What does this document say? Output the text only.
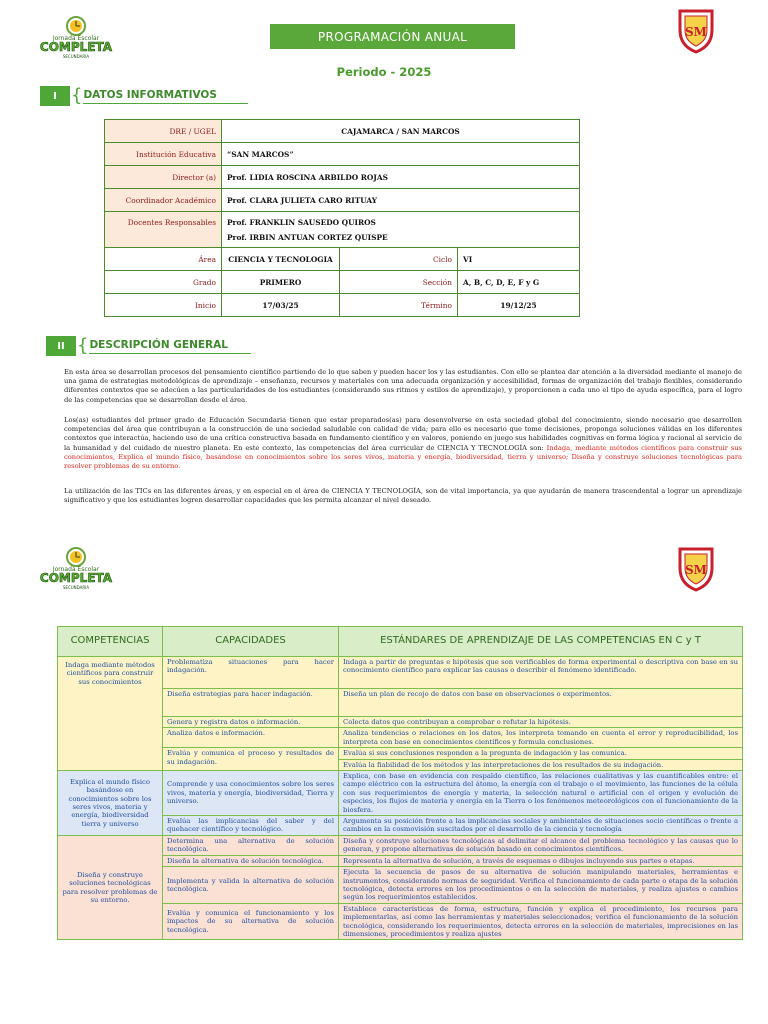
Jornada Escolar
COMPLETA
SECUNDARIA
PROGRAMACIÓN ANUAL	SM
Periodo - 2025
I { DATOS INFORMATIVOS
DRE / UGEL	CAJAMARCA / SAN MARCOS		
Institución Educativa	“SAN MARCOS”		
Director (a)	Prof. LIDIA ROSCINA ARBILDO ROJAS		
Coordinador Académico	Prof. CLARA JULIETA CARO RITUAY		
Docentes Responsables	Prof. FRANKLIN SAUSEDO QUIROS
Prof. IRBIN ANTUAN CORTEZ QUISPE		

Área	CIENCIA Y TECNOLOGIA	Ciclo	VI
Grado	PRIMERO	Sección	A, B, C, D, E, F y G
Inicio	17/03/25	Término	19/12/25
II { DESCRIPCIÓN GENERAL
En esta área se desarrollan procesos del pensamiento científico partiendo de lo que saben y pueden hacer los y las estudiantes. Con ello se plantea dar atención a la diversidad mediante el manejo de una gama de estrategias metodológicas de aprendizaje – enseñanza, recursos y materiales con una adecuada organización y accesibilidad, formas de organización del trabajo flexibles, considerando diferentes contextos que se adecúen a las particularidades de los estudiantes (considerando sus ritmos y estilos de aprendizaje), y proporcionen a cada uno el tipo de ayuda específica, para el logro de las competencias que se desarrollan desde el área.
Los(as) estudiantes del primer grado de Educación Secundaria tienen que estar preparados(as) para desenvolverse en esta sociedad global del conocimiento, siendo necesario que desarrollen competencias del área que contribuyan a la construcción de una sociedad saludable con calidad de vida; para ello es necesario que tome decisiones, proponga soluciones válidas en los diferentes contextos que interactúa, haciendo uso de una crítica constructiva basada en fundamento científico y en valores, poniendo en juego sus habilidades cognitivas en forma lógica y racional al servicio de la humanidad y del cuidado de nuestro planeta. En este contexto, las competencias del área curricular de CIENCIA Y TECNOLOGÍA son: Indaga, mediante métodos científicos para construir sus conocimientos, Explica el mundo físico, basándose en conocimientos sobre los seres vivos, materia y energía, biodiversidad, tierra y universo; Diseña y construye soluciones tecnológicas para resolver problemas de su entorno.
La utilización de las TICs en las diferentes áreas, y en especial en el área de CIENCIA Y TECNOLOGÍA, son de vital importancia, ya que ayudarán de manera trascendental a lograr un aprendizaje significativo y que los estudiantes logren desarrollar capacidades que les permita alcanzar el nivel deseado.
Jornada Escolar
COMPLETA
SECUNDARIA
SM
COMPETENCIAS	CAPACIDADES	ESTÁNDARES DE APRENDIZAJE DE LAS COMPETENCIAS EN C y T
Indaga mediante métodos científicos para construir sus conocimientos	Problematiza situaciones para hacer indagación.	Indaga a partir de preguntas e hipótesis que son verificables de forma experimental o descriptiva con base en su conocimiento científico para explicar las causas o describir el fenómeno identificado.
	Diseña estrategias para hacer indagación.	Diseña un plan de recojo de datos con base en observaciones o experimentos.
	Genera y registra datos o información.	Colecta datos que contribuyan a comprobar o refutar la hipótesis.
	Analiza datos e información.	Analiza tendencias o relaciones en los datos, los interpreta tomando en cuenta el error y reproducibilidad, los interpreta con base en conocimientos científicos y formula conclusiones.
	Evalúa y comunica el proceso y resultados de su indagación.	Evalúa si sus conclusiones responden a la pregunta de indagación y las comunica.
		Evalúa la fiabilidad de los métodos y las interpretaciones de los resultados de su indagación.
Explica el mundo físico basándose en conocimientos sobre los seres vivos, materia y energía, biodiversidad tierra y universo	Comprende y usa conocimientos sobre los seres vivos, materia y energía, biodiversidad, Tierra y universo.	Explica, con base en evidencia con respaldo científico, las relaciones cualitativas y las cuantificables entre: el campo eléctrico con la estructura del átomo, la energía con el trabajo o el movimiento, las funciones de la célula con sus requerimientos de energía y materia, la selección natural o artificial con el origen y evolución de especies, los flujos de materia y energía en la Tierra o los fenómenos meteorológicos con el funcionamiento de la biosfera.
	Evalúa las implicancias del saber y del quehacer científico y tecnológico.	Argumenta su posición frente a las implicancias sociales y ambientales de situaciones socio científicas o frente a cambios en la cosmovisión suscitados por el desarrollo de la ciencia y tecnología
Diseña y construye soluciones tecnológicas para resolver problemas de su entorno.	Determina una alternativa de solución tecnológica.	Diseña y construye soluciones tecnológicas al delimitar el alcance del problema tecnológico y las causas que lo generan, y propone alternativas de solución basado en conocimientos científicos.
	Diseña la alternativa de solución tecnológica.	Representa la alternativa de solución, a través de esquemas o dibujos incluyendo sus partes o etapas.
	Implementa y valida la alternativa de solución tecnológica.	Ejecuta la secuencia de pasos de su alternativa de solución manipulando materiales, herramientas e instrumentos, considerando normas de seguridad. Verifica el funcionamiento de cada parte o etapa de la solución tecnológica, detecta errores en los procedimientos o en la selección de materiales, y realiza ajustes o cambios según los requerimientos establecidos.
	Evalúa y comunica el funcionamiento y los impactos de su alternativa de solución tecnológica.	Establece características de forma, estructura, función y explica el procedimiento, los recursos para implementarlas, así como las herramientas y materiales seleccionados; verifica el funcionamiento de la solución tecnológica, considerando los requerimientos, detecta errores en la selección de materiales, imprecisiones en las dimensiones, procedimientos y realiza ajustes
